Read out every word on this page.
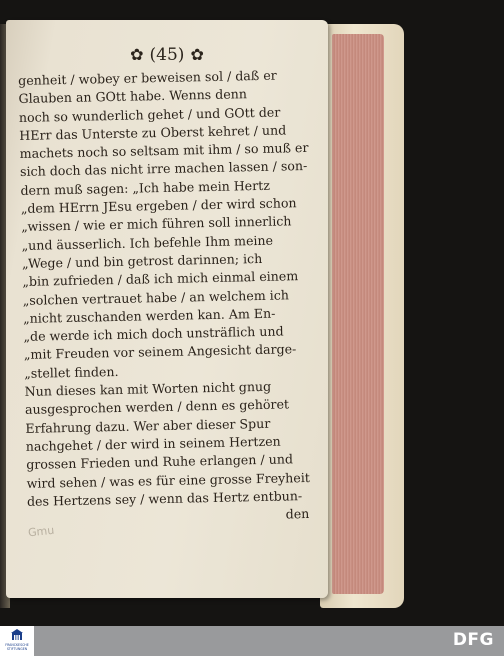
✿ (45) ✿
genheit / wobey er beweisen sol / daß er
Glauben an GOtt habe. Wenns denn
noch so wunderlich gehet / und GOtt der
HErr das Unterste zu Oberst kehret / und
machets noch so seltsam mit ihm / so muß er
sich doch das nicht irre machen lassen / son-
dern muß sagen: „Ich habe mein Hertz
„dem HErrn JEsu ergeben / der wird schon
„wissen / wie er mich führen soll innerlich
„und äusserlich. Ich befehle Ihm meine
„Wege / und bin getrost darinnen; ich
„bin zufrieden / daß ich mich einmal einem
„solchen vertrauet habe / an welchem ich
„nicht zuschanden werden kan. Am En-
„de werde ich mich doch unsträflich und
„mit Freuden vor seinem Angesicht darge-
„stellet finden.
Nun dieses kan mit Worten nicht gnug
ausgesprochen werden / denn es gehöret
Erfahrung dazu. Wer aber dieser Spur
nachgehet / der wird in seinem Hertzen
grossen Frieden und Ruhe erlangen / und
wird sehen / was es für eine grosse Freyheit
des Hertzens sey / wenn das Hertz entbun-
den
Gmu
FRANCKESCHE STIFTUNGEN	DFG
